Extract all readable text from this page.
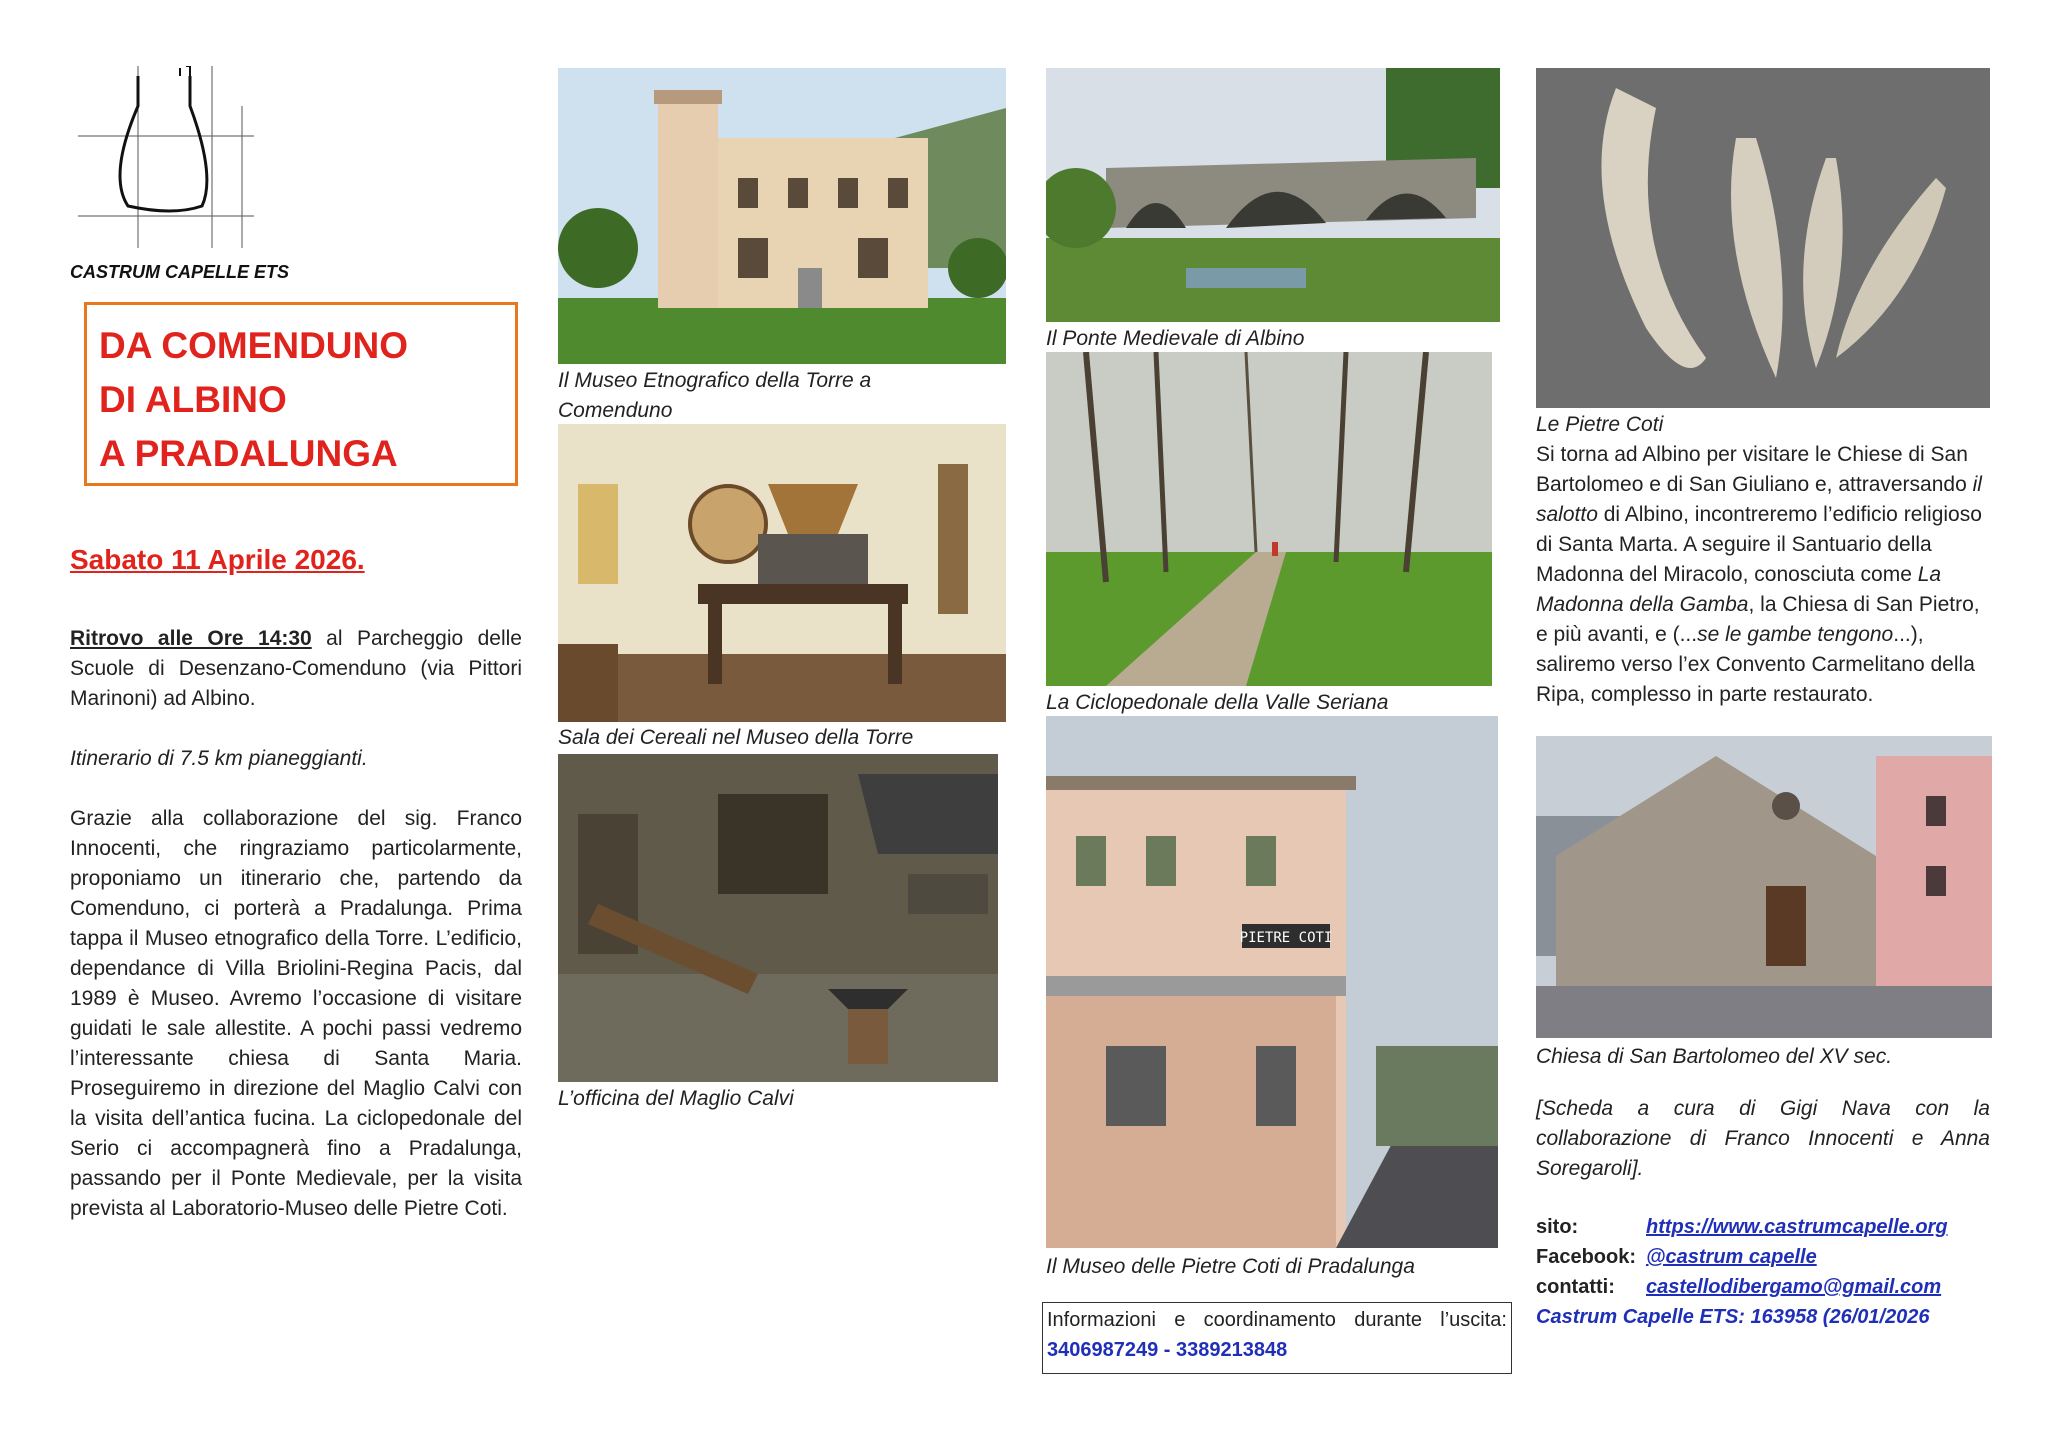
CASTRUM CAPELLE ETS
DA COMENDUNO
DI ALBINO
A PRADALUNGA
Sabato 11 Aprile 2026.
Ritrovo alle Ore 14:30 al Parcheggio delle Scuole di Desenzano-Comenduno (via Pittori Marinoni) ad Albino.
Itinerario di 7.5 km pianeggianti.
Grazie alla collaborazione del sig. Franco Innocenti, che ringraziamo particolarmente, proponiamo un itinerario che, partendo da Comenduno, ci porterà a Pradalunga. Prima tappa il Museo etnografico della Torre. L’edificio, dependance di Villa Briolini-Regina Pacis, dal 1989 è Museo. Avremo l’occasione di visitare guidati le sale allestite. A pochi passi vedremo l’interessante chiesa di Santa Maria. Proseguiremo in direzione del Maglio Calvi con la visita dell’antica fucina. La ciclopedonale del Serio ci accompagnerà fino a Pradalunga, passando per il Ponte Medievale, per la visita prevista al Laboratorio-Museo delle Pietre Coti.
Il Museo Etnografico della Torre a Comenduno
Sala dei Cereali nel Museo della Torre
L’officina del Maglio Calvi
Il Ponte Medievale di Albino
La Ciclopedonale della Valle Seriana
PIETRE COTI
Il Museo delle Pietre Coti di Pradalunga
Informazioni e coordinamento durante l’uscita: 3406987249 - 3389213848
Le Pietre Coti
Si torna ad Albino per visitare le Chiese di San Bartolomeo e di San Giuliano e, attraversando il salotto di Albino, incontreremo l’edificio religioso di Santa Marta. A seguire il Santuario della Madonna del Miracolo, conosciuta come La Madonna della Gamba, la Chiesa di San Pietro, e più avanti, e (...se le gambe tengono...), saliremo verso l’ex Convento Carmelitano della Ripa, complesso in parte restaurato.
Chiesa di San Bartolomeo del XV sec.
[Scheda a cura di Gigi Nava con la collaborazione di Franco Innocenti e Anna Soregaroli].
sito:	https://www.castrumcapelle.org
Facebook: @castrum capelle
contatti: castellodibergamo@gmail.com
Castrum Capelle ETS: 163958 (26/01/2026
